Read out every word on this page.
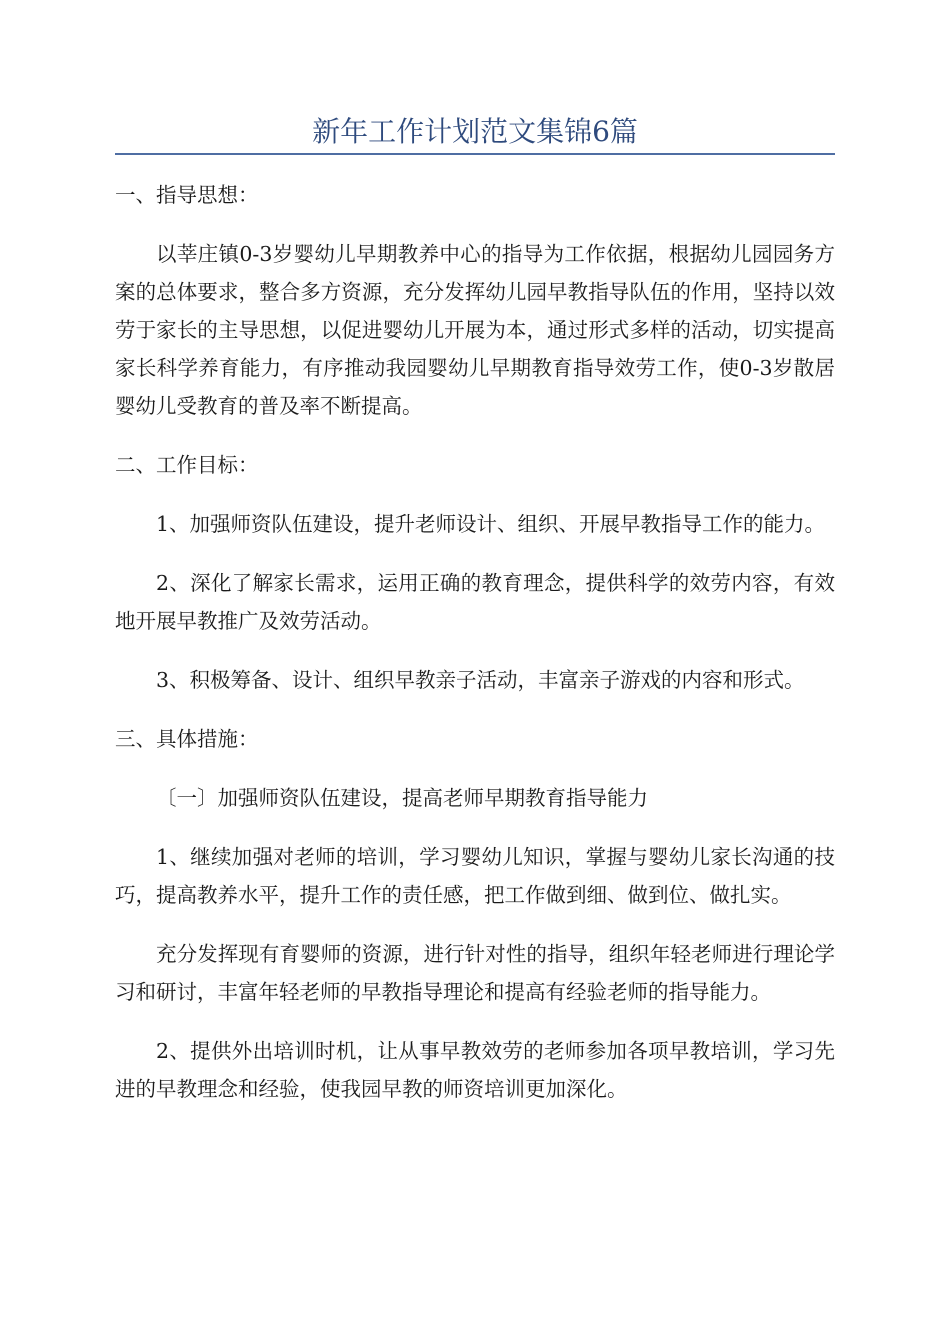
新年工作计划范文集锦6篇

一、指导思想：

以莘庄镇0-3岁婴幼儿早期教养中心的指导为工作依据，根据幼儿园园务方案的总体要求，整合多方资源，充分发挥幼儿园早教指导队伍的作用，坚持以效劳于家长的主导思想，以促进婴幼儿开展为本，通过形式多样的活动，切实提高家长科学养育能力，有序推动我园婴幼儿早期教育指导效劳工作，使0-3岁散居婴幼儿受教育的普及率不断提高。

二、工作目标：

1、加强师资队伍建设，提升老师设计、组织、开展早教指导工作的能力。

2、深化了解家长需求，运用正确的教育理念，提供科学的效劳内容，有效地开展早教推广及效劳活动。

3、积极筹备、设计、组织早教亲子活动，丰富亲子游戏的内容和形式。

三、具体措施：

〔一〕加强师资队伍建设，提高老师早期教育指导能力

1、继续加强对老师的培训，学习婴幼儿知识，掌握与婴幼儿家长沟通的技巧，提高教养水平，提升工作的责任感，把工作做到细、做到位、做扎实。

充分发挥现有育婴师的资源，进行针对性的指导，组织年轻老师进行理论学习和研讨，丰富年轻老师的早教指导理论和提高有经验老师的指导能力。

2、提供外出培训时机，让从事早教效劳的老师参加各项早教培训，学习先进的早教理念和经验，使我园早教的师资培训更加深化。
